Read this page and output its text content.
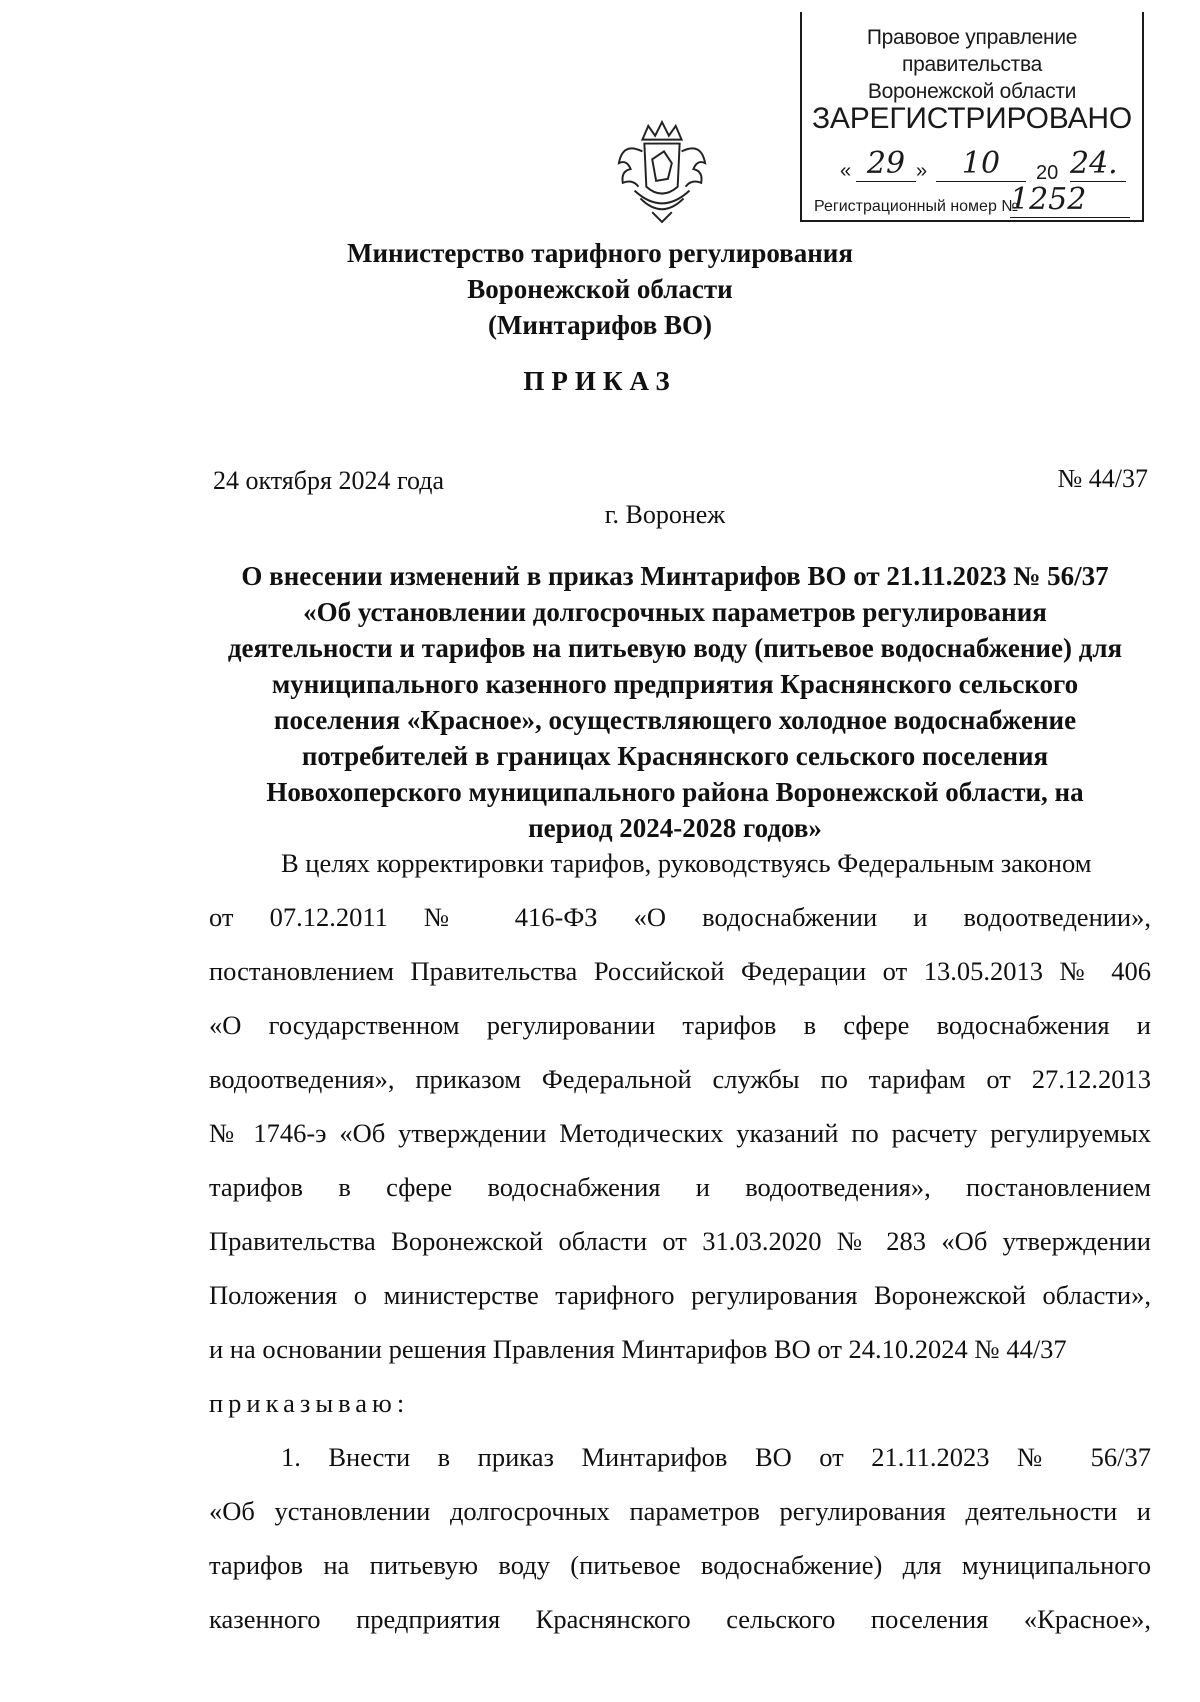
Правовое управление правительства
Воронежской области
ЗАРЕГИСТРИРОВАНО
« 29 »	10	20 24.
Регистрационный номер №
1252
Министерство тарифного регулирования
Воронежской области
(Минтарифов ВО)
ПРИКАЗ
24 октября 2024 года	№ 44/37
г. Воронеж
О внесении изменений в приказ Минтарифов ВО от 21.11.2023 № 56/37
«Об установлении долгосрочных параметров регулирования
деятельности и тарифов на питьевую воду (питьевое водоснабжение) для
муниципального казенного предприятия Краснянского сельского
поселения «Красное», осуществляющего холодное водоснабжение
потребителей в границах Краснянского сельского поселения
Новохоперского муниципального района Воронежской области, на
период 2024-2028 годов»
В целях корректировки тарифов, руководствуясь Федеральным законом
от 07.12.2011 № 416-ФЗ «О водоснабжении и водоотведении»,
постановлением Правительства Российской Федерации от 13.05.2013 № 406
«О государственном регулировании тарифов в сфере водоснабжения и
водоотведения», приказом Федеральной службы по тарифам от 27.12.2013
№ 1746-э «Об утверждении Методических указаний по расчету регулируемых
тарифов в сфере водоснабжения и водоотведения», постановлением
Правительства Воронежской области от 31.03.2020 № 283 «Об утверждении
Положения о министерстве тарифного регулирования Воронежской области»,
и на основании решения Правления Минтарифов ВО от 24.10.2024 № 44/37
приказываю:
1. Внести в приказ Минтарифов ВО от 21.11.2023 № 56/37
«Об установлении долгосрочных параметров регулирования деятельности и
тарифов на питьевую воду (питьевое водоснабжение) для муниципального
казенного предприятия Краснянского сельского поселения «Красное»,
